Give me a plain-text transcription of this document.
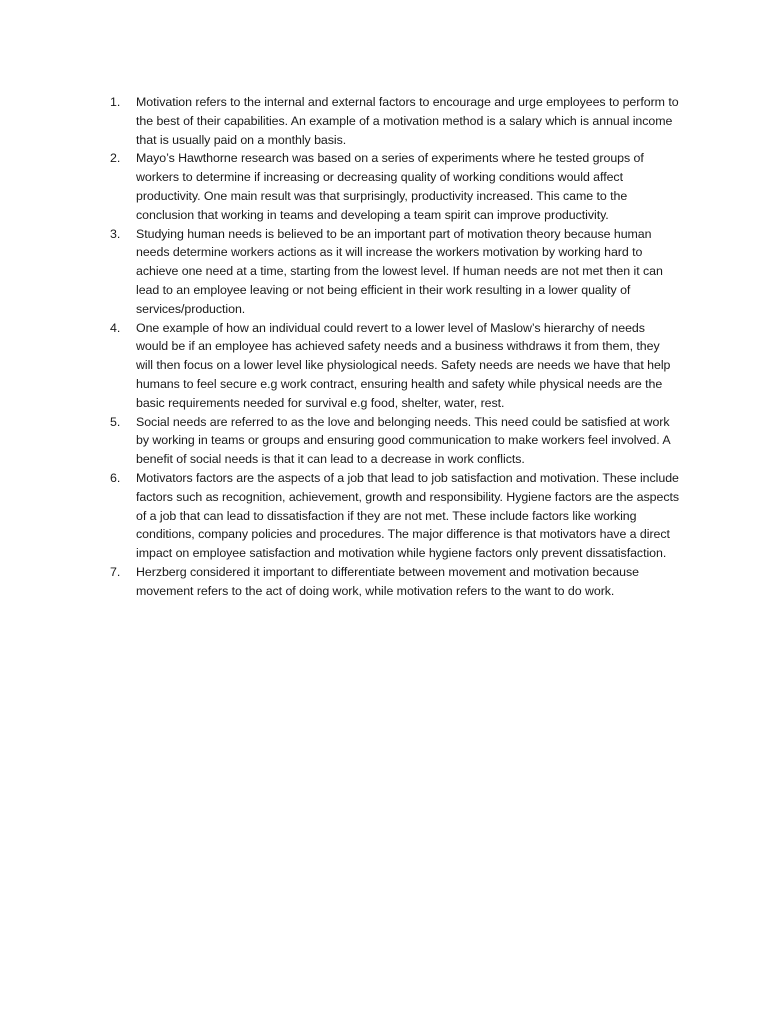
1.	Motivation refers to the internal and external factors to encourage and urge employees to perform to the best of their capabilities. An example of a motivation method is a salary which is annual income that is usually paid on a monthly basis.
2.	Mayo’s Hawthorne research was based on a series of experiments where he tested groups of workers to determine if increasing or decreasing quality of working conditions would affect productivity. One main result was that surprisingly, productivity increased. This came to the conclusion that working in teams and developing a team spirit can improve productivity.
3.	Studying human needs is believed to be an important part of motivation theory because human needs determine workers actions as it will increase the workers motivation by working hard to achieve one need at a time, starting from the lowest level. If human needs are not met then it can lead to an employee leaving or not being efficient in their work resulting in a lower quality of services/production.
4.	One example of how an individual could revert to a lower level of Maslow’s hierarchy of needs would be if an employee has achieved safety needs and a business withdraws it from them, they will then focus on a lower level like physiological needs. Safety needs are needs we have that help humans to feel secure e.g work contract, ensuring health and safety while physical needs are the basic requirements needed for survival e.g food, shelter, water, rest.
5.	Social needs are referred to as the love and belonging needs. This need could be satisfied at work by working in teams or groups and ensuring good communication to make workers feel involved. A benefit of social needs is that it can lead to a decrease in work conflicts.
6.	Motivators factors are the aspects of a job that lead to job satisfaction and motivation. These include factors such as recognition, achievement, growth and responsibility. Hygiene factors are the aspects of a job that can lead to dissatisfaction if they are not met. These include factors like working conditions, company policies and procedures. The major difference is that motivators have a direct impact on employee satisfaction and motivation while hygiene factors only prevent dissatisfaction.
7.	Herzberg considered it important to differentiate between movement and motivation because movement refers to the act of doing work, while motivation refers to the want to do work.
